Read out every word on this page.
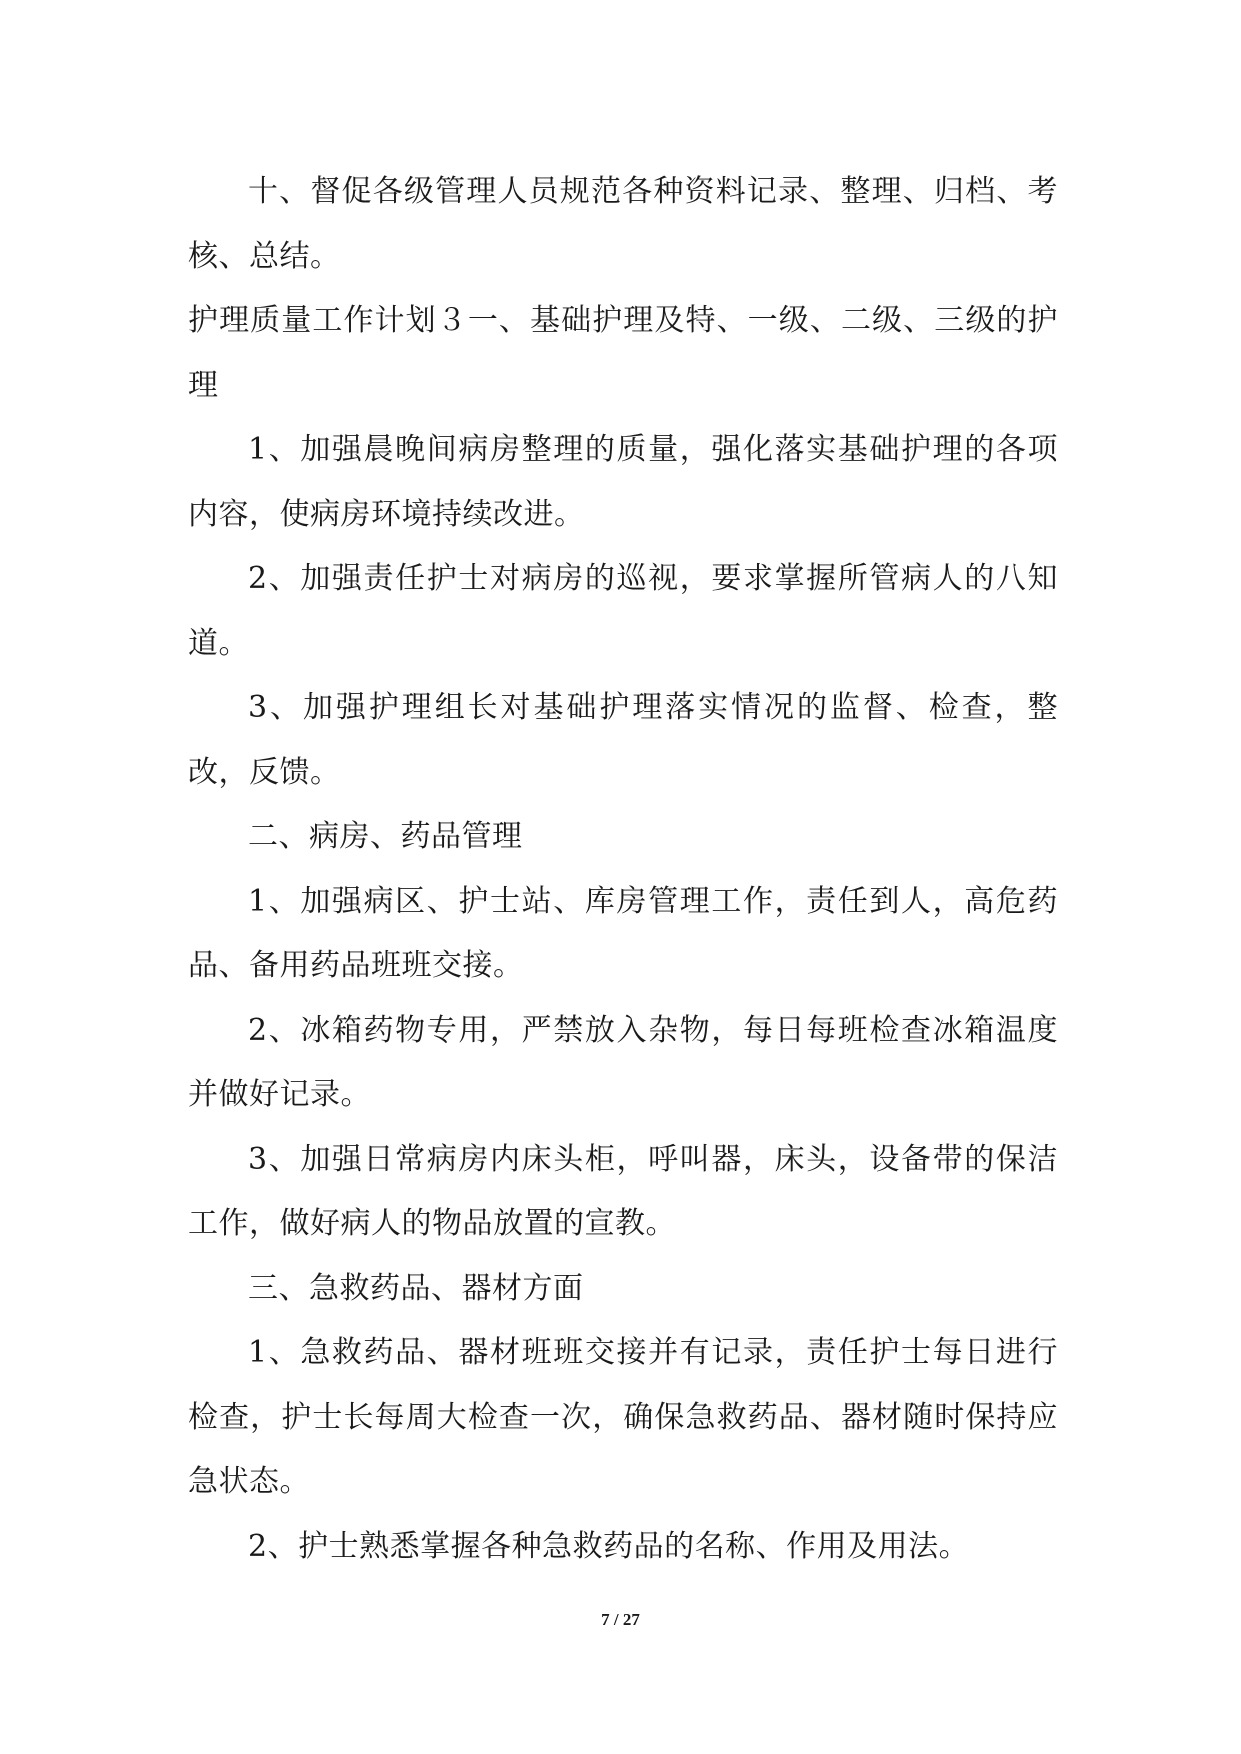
十、督促各级管理人员规范各种资料记录、整理、归档、考核、总结。

护理质量工作计划３一、基础护理及特、一级、二级、三级的护理

1、加强晨晚间病房整理的质量，强化落实基础护理的各项内容，使病房环境持续改进。

2、加强责任护士对病房的巡视，要求掌握所管病人的八知道。

3、加强护理组长对基础护理落实情况的监督、检查，整改，反馈。

二、病房、药品管理

1、加强病区、护士站、库房管理工作，责任到人，高危药品、备用药品班班交接。

2、冰箱药物专用，严禁放入杂物，每日每班检查冰箱温度并做好记录。

3、加强日常病房内床头柜，呼叫器，床头，设备带的保洁工作，做好病人的物品放置的宣教。

三、急救药品、器材方面

1、急救药品、器材班班交接并有记录，责任护士每日进行检查，护士长每周大检查一次，确保急救药品、器材随时保持应急状态。

2、护士熟悉掌握各种急救药品的名称、作用及用法。

7 / 27
